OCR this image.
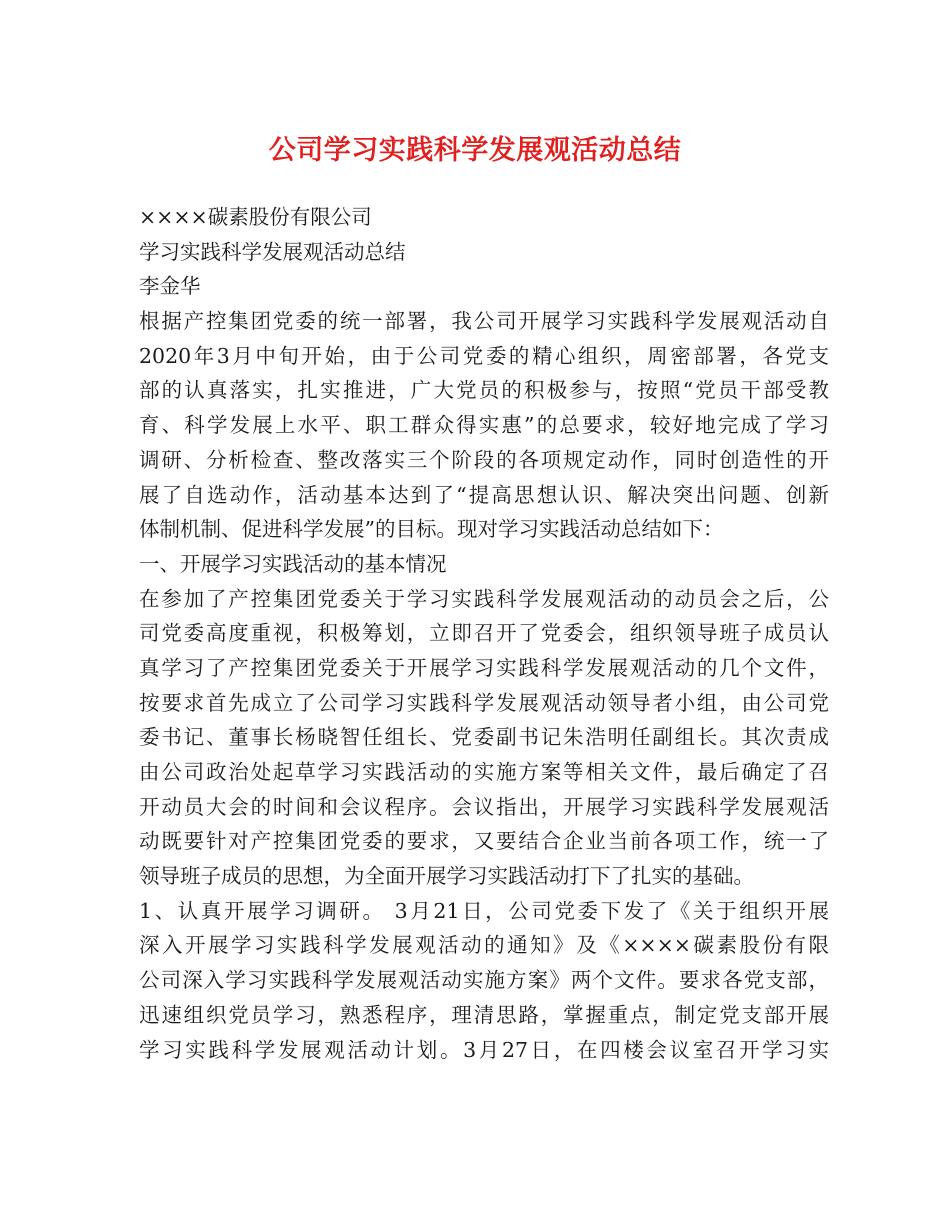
公司学习实践科学发展观活动总结
××××碳素股份有限公司
学习实践科学发展观活动总结
李金华
根据产控集团党委的统一部署，我公司开展学习实践科学发展观活动自
2020年3月中旬开始，由于公司党委的精心组织，周密部署，各党支
部的认真落实，扎实推进，广大党员的积极参与，按照“党员干部受教
育、科学发展上水平、职工群众得实惠”的总要求，较好地完成了学习
调研、分析检查、整改落实三个阶段的各项规定动作，同时创造性的开
展了自选动作，活动基本达到了“提高思想认识、解决突出问题、创新
体制机制、促进科学发展”的目标。现对学习实践活动总结如下：
一、开展学习实践活动的基本情况
在参加了产控集团党委关于学习实践科学发展观活动的动员会之后，公
司党委高度重视，积极筹划，立即召开了党委会，组织领导班子成员认
真学习了产控集团党委关于开展学习实践科学发展观活动的几个文件，
按要求首先成立了公司学习实践科学发展观活动领导者小组，由公司党
委书记、董事长杨晓智任组长、党委副书记朱浩明任副组长。其次责成
由公司政治处起草学习实践活动的实施方案等相关文件，最后确定了召
开动员大会的时间和会议程序。会议指出，开展学习实践科学发展观活
动既要针对产控集团党委的要求，又要结合企业当前各项工作，统一了
领导班子成员的思想，为全面开展学习实践活动打下了扎实的基础。
1、认真开展学习调研。 3月21日，公司党委下发了《关于组织开展
深入开展学习实践科学发展观活动的通知》及《××××碳素股份有限
公司深入学习实践科学发展观活动实施方案》两个文件。要求各党支部，
迅速组织党员学习，熟悉程序，理清思路，掌握重点，制定党支部开展
学习实践科学发展观活动计划。3月27日，在四楼会议室召开学习实
